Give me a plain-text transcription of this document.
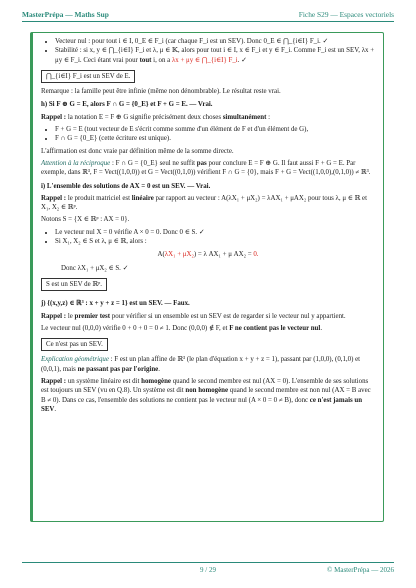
MasterPrépa — Maths Sup	Fiche S29 — Espaces vectoriels
• Vecteur nul : pour tout i ∈ I, 0_E ∈ F_i (car chaque F_i est un SEV). Donc 0_E ∈ ⋂_{i∈I} F_i. ✓
• Stabilité : si x, y ∈ ⋂_{i∈I} F_i et λ, μ ∈ 𝕂, alors pour tout i ∈ I, x ∈ F_i et y ∈ F_i. Comme F_i est un SEV, λx + μy ∈ F_i. Ceci étant vrai pour tout i, on a λx + μy ∈ ⋂_{i∈I} F_i. ✓
⋂_{i∈I} F_i est un SEV de E.

Remarque : la famille peut être infinie (même non dénombrable). Le résultat reste vrai.

h) Si F ⊕ G = E, alors F ∩ G = {0_E} et F + G = E. — Vrai.

Rappel : la notation E = F ⊕ G signifie précisément deux choses simultanément :

• F + G = E (tout vecteur de E s'écrit comme somme d'un élément de F et d'un élément de G),
• F ∩ G = {0_E} (cette écriture est unique).

L'affirmation est donc vraie par définition même de la somme directe.

Attention à la réciproque : F ∩ G = {0_E} seul ne suffit pas pour conclure E = F ⊕ G. Il faut aussi F + G = E. Par exemple, dans ℝ³, F = Vect((1,0,0)) et G = Vect((0,1,0)) vérifient F ∩ G = {0}, mais F + G = Vect((1,0,0),(0,1,0)) ≠ ℝ³.

i) L'ensemble des solutions de AX = 0 est un SEV. — Vrai.

Rappel : le produit matriciel est linéaire par rapport au vecteur : A(λX₁ + μX₂) = λAX₁ + μAX₂ pour tous λ, μ ∈ ℝ et X₁, X₂ ∈ ℝᵖ.

Notons S = {X ∈ ℝᵖ : AX = 0}.

• Le vecteur nul X = 0 vérifie A × 0 = 0. Donc 0 ∈ S. ✓
• Si X₁, X₂ ∈ S et λ, μ ∈ ℝ, alors :
A(λX₁ + μX₂) = λ AX₁ + μ AX₂ = 0.

Donc λX₁ + μX₂ ∈ S. ✓

S est un SEV de ℝᵖ.

j) {(x,y,z) ∈ ℝ³ : x + y + z = 1} est un SEV. — Faux.

Rappel : le premier test pour vérifier si un ensemble est un SEV est de regarder si le vecteur nul y appartient.

Le vecteur nul (0,0,0) vérifie 0 + 0 + 0 = 0 ≠ 1. Donc (0,0,0) ∉ F, et F ne contient pas le vecteur nul.

Ce n'est pas un SEV.

Explication géométrique : F est un plan affine de ℝ³ (le plan d'équation x + y + z = 1), passant par (1,0,0), (0,1,0) et (0,0,1), mais ne passant pas par l'origine.

Rappel : un système linéaire est dit homogène quand le second membre est nul (AX = 0). L'ensemble de ses solutions est toujours un SEV (vu en Q.8). Un système est dit non homogène quand le second membre est non nul (AX = B avec B ≠ 0). Dans ce cas, l'ensemble des solutions ne contient pas le vecteur nul (A × 0 = 0 ≠ B), donc ce n'est jamais un SEV.

9 / 29	© MasterPrépa — 2026
